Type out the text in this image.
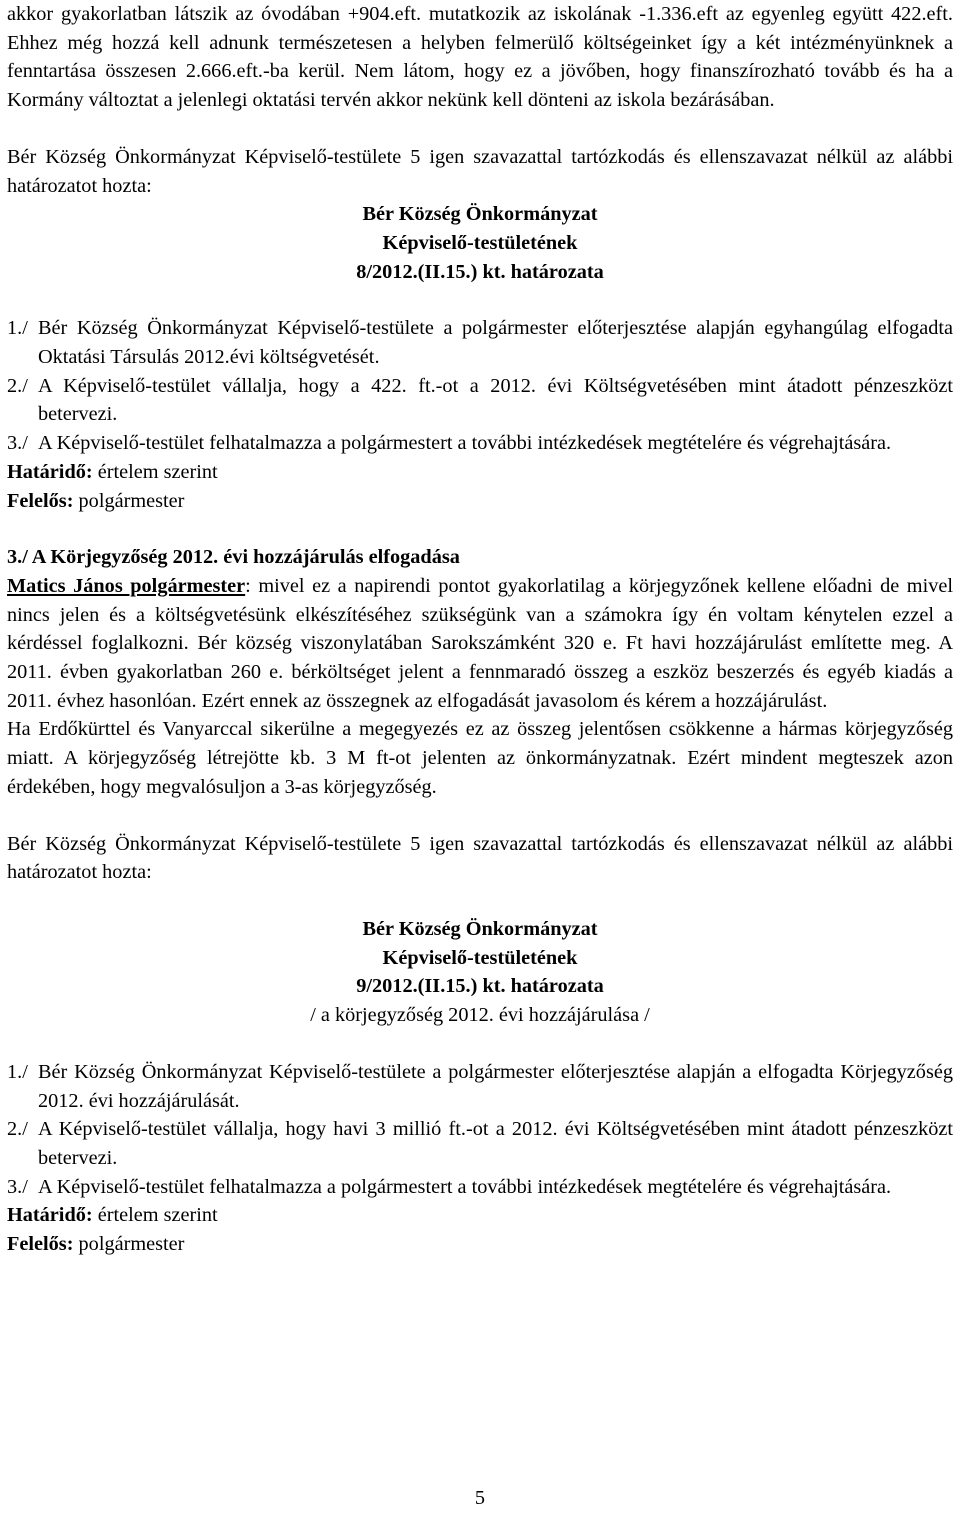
akkor gyakorlatban látszik az óvodában +904.eft. mutatkozik az iskolának -1.336.eft az egyenleg együtt 422.eft. Ehhez még hozzá kell adnunk természetesen a helyben felmerülő költségeinket így a két intézményünknek a fenntartása összesen 2.666.eft.-ba kerül. Nem látom, hogy ez a jövőben, hogy finanszírozható tovább és ha a Kormány változtat a jelenlegi oktatási tervén akkor nekünk kell dönteni az iskola bezárásában.

Bér Község Önkormányzat Képviselő-testülete 5 igen szavazattal tartózkodás és ellenszavazat nélkül az alábbi határozatot hozta:

Bér Község Önkormányzat

Képviselő-testületének

8/2012.(II.15.) kt. határozata

1./ Bér Község Önkormányzat Képviselő-testülete a polgármester előterjesztése alapján egyhangúlag elfogadta Oktatási Társulás 2012.évi költségvetését.
2./ A Képviselő-testület vállalja, hogy a 422. ft.-ot a 2012. évi Költségvetésében mint átadott pénzeszközt betervezi.
3./ A Képviselő-testület felhatalmazza a polgármestert a további intézkedések megtételére és végrehajtására.

Határidő: értelem szerint

Felelős: polgármester

3./ A Körjegyzőség 2012. évi hozzájárulás elfogadása

Matics János polgármester: mivel ez a napirendi pontot gyakorlatilag a körjegyzőnek kellene előadni de mivel nincs jelen és a költségvetésünk elkészítéséhez szükségünk van a számokra így én voltam kénytelen ezzel a kérdéssel foglalkozni. Bér község viszonylatában Sarokszámként 320 e. Ft havi hozzájárulást említette meg. A 2011. évben gyakorlatban 260 e. bérköltséget jelent a fennmaradó összeg a eszköz beszerzés és egyéb kiadás a 2011. évhez hasonlóan. Ezért ennek az összegnek az elfogadását javasolom és kérem a hozzájárulást.

Ha Erdőkürttel és Vanyarccal sikerülne a megegyezés ez az összeg jelentősen csökkenne a hármas körjegyzőség miatt. A körjegyzőség létrejötte kb. 3 M ft-ot jelenten az önkormányzatnak. Ezért mindent megteszek azon érdekében, hogy megvalósuljon a 3-as körjegyzőség.

Bér Község Önkormányzat Képviselő-testülete 5 igen szavazattal tartózkodás és ellenszavazat nélkül az alábbi határozatot hozta:

Bér Község Önkormányzat

Képviselő-testületének

9/2012.(II.15.) kt. határozata

/ a körjegyzőség 2012. évi hozzájárulása /

1./ Bér Község Önkormányzat Képviselő-testülete a polgármester előterjesztése alapján a elfogadta Körjegyzőség 2012. évi hozzájárulását.
2./ A Képviselő-testület vállalja, hogy havi 3 millió ft.-ot a 2012. évi Költségvetésében mint átadott pénzeszközt betervezi.
3./ A Képviselő-testület felhatalmazza a polgármestert a további intézkedések megtételére és végrehajtására.

Határidő: értelem szerint

Felelős: polgármester

5
